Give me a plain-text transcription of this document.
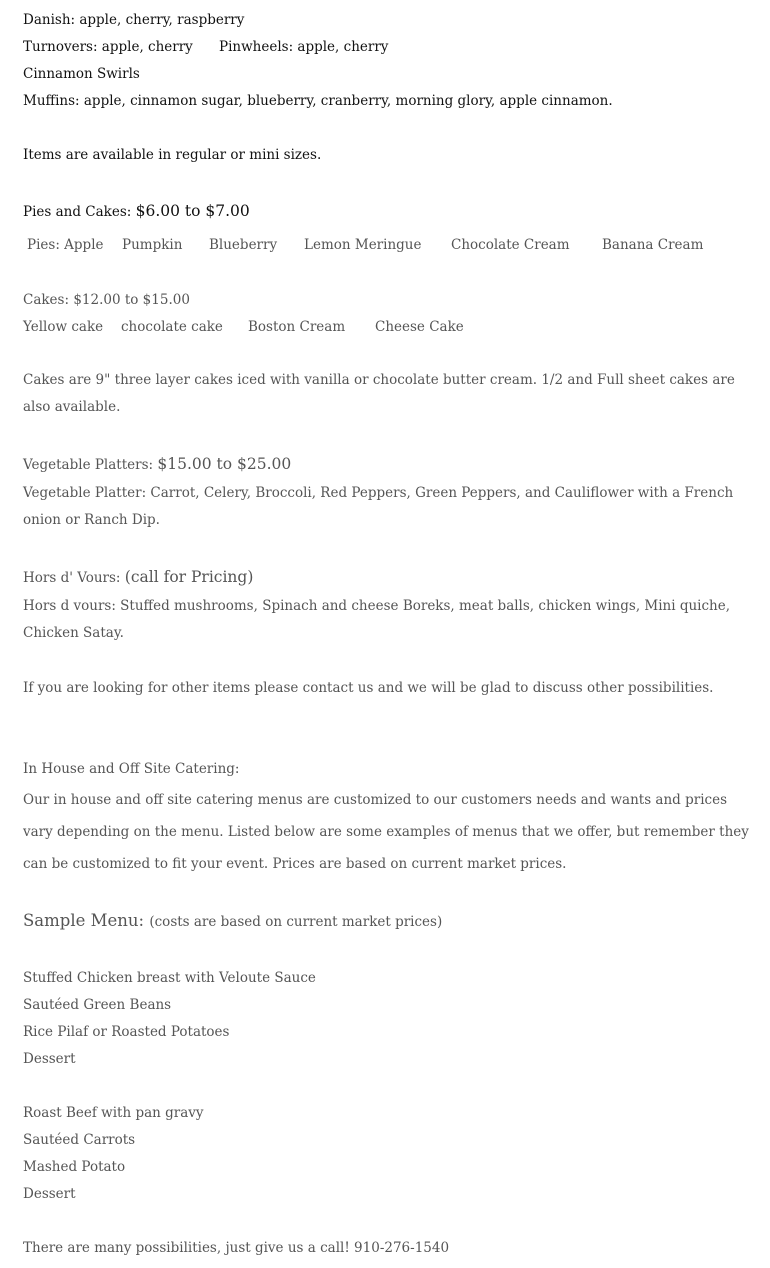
Danish: apple, cherry, raspberry
Turnovers: apple, cherry Pinwheels: apple, cherry
Cinnamon Swirls
Muffins: apple, cinnamon sugar, blueberry, cranberry, morning glory, apple cinnamon.
Items are available in regular or mini sizes.
Pies and Cakes: $6.00 to $7.00
Pies: Apple Pumpkin Blueberry Lemon Meringue Chocolate Cream Banana Cream
Cakes: $12.00 to $15.00
Yellow cake chocolate cake Boston Cream Cheese Cake
Cakes are 9" three layer cakes iced with vanilla or chocolate butter cream. 1/2 and Full sheet cakes are also available.
Vegetable Platters: $15.00 to $25.00
Vegetable Platter: Carrot, Celery, Broccoli, Red Peppers, Green Peppers, and Cauliflower with a French onion or Ranch Dip.
Hors d' Vours: (call for Pricing)
Hors d vours: Stuffed mushrooms, Spinach and cheese Boreks, meat balls, chicken wings, Mini quiche, Chicken Satay.
If you are looking for other items please contact us and we will be glad to discuss other possibilities.
In House and Off Site Catering:
Our in house and off site catering menus are customized to our customers needs and wants and prices vary depending on the menu. Listed below are some examples of menus that we offer, but remember they can be customized to fit your event. Prices are based on current market prices.
Sample Menu: (costs are based on current market prices)
Stuffed Chicken breast with Veloute Sauce
Sautéed Green Beans
Rice Pilaf or Roasted Potatoes
Dessert
Roast Beef with pan gravy
Sautéed Carrots
Mashed Potato
Dessert
There are many possibilities, just give us a call! 910-276-1540
